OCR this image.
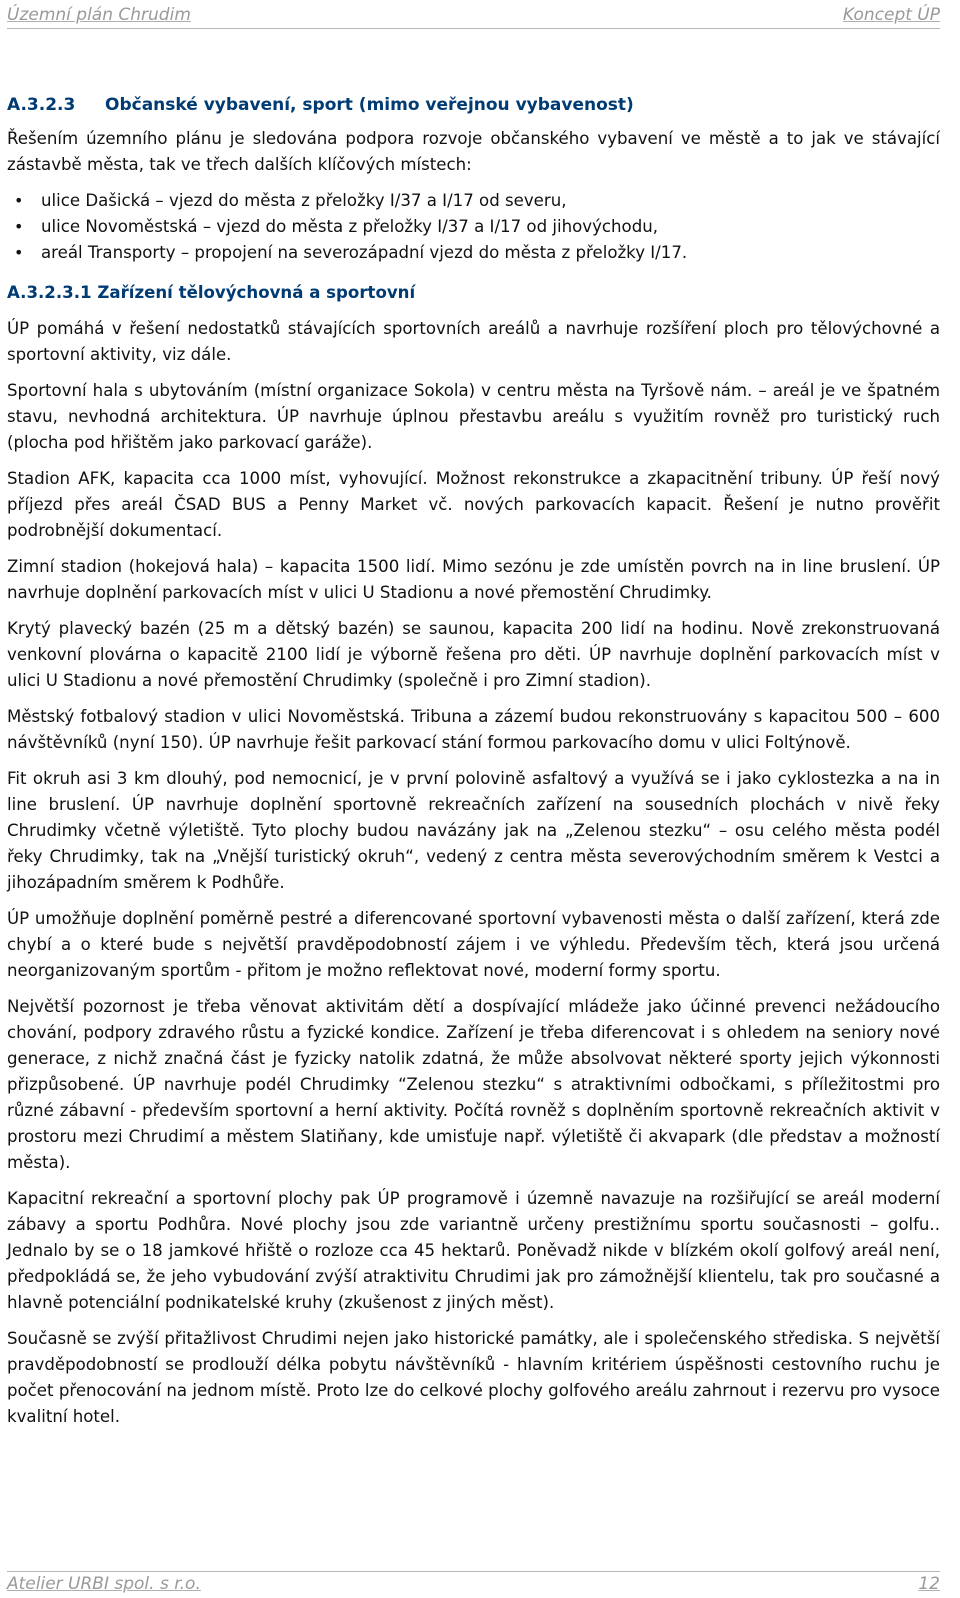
Územní plán Chrudim	Koncept ÚP
A.3.2.3 Občanské vybavení, sport (mimo veřejnou vybavenost)

Řešením územního plánu je sledována podpora rozvoje občanského vybavení ve městě a to jak ve stávající zástavbě města, tak ve třech dalších klíčových místech:

• ulice Dašická – vjezd do města z přeložky I/37 a I/17 od severu,
• ulice Novoměstská – vjezd do města z přeložky I/37 a I/17 od jihovýchodu,
• areál Transporty – propojení na severozápadní vjezd do města z přeložky I/17.
A.3.2.3.1 Zařízení tělovýchovná a sportovní

ÚP pomáhá v řešení nedostatků stávajících sportovních areálů a navrhuje rozšíření ploch pro tělovýchovné a sportovní aktivity, viz dále.

Sportovní hala s ubytováním (místní organizace Sokola) v centru města na Tyršově nám. – areál je ve špatném stavu, nevhodná architektura. ÚP navrhuje úplnou přestavbu areálu s využitím rovněž pro turistický ruch (plocha pod hřištěm jako parkovací garáže).

Stadion AFK, kapacita cca 1000 míst, vyhovující. Možnost rekonstrukce a zkapacitnění tribuny. ÚP řeší nový příjezd přes areál ČSAD BUS a Penny Market vč. nových parkovacích kapacit. Řešení je nutno prověřit podrobnější dokumentací.

Zimní stadion (hokejová hala) – kapacita 1500 lidí. Mimo sezónu je zde umístěn povrch na in line bruslení. ÚP navrhuje doplnění parkovacích míst v ulici U Stadionu a nové přemostění Chrudimky.

Krytý plavecký bazén (25 m a dětský bazén) se saunou, kapacita 200 lidí na hodinu. Nově zrekonstruovaná venkovní plovárna o kapacitě 2100 lidí je výborně řešena pro děti. ÚP navrhuje doplnění parkovacích míst v ulici U Stadionu a nové přemostění Chrudimky (společně i pro Zimní stadion).

Městský fotbalový stadion v ulici Novoměstská. Tribuna a zázemí budou rekonstruovány s kapacitou 500 – 600 návštěvníků (nyní 150). ÚP navrhuje řešit parkovací stání formou parkovacího domu v ulici Foltýnově.

Fit okruh asi 3 km dlouhý, pod nemocnicí, je v první polovině asfaltový a využívá se i jako cyklostezka a na in line bruslení. ÚP navrhuje doplnění sportovně rekreačních zařízení na sousedních plochách v nivě řeky Chrudimky včetně výletiště. Tyto plochy budou navázány jak na „Zelenou stezku“ – osu celého města podél řeky Chrudimky, tak na „Vnější turistický okruh“, vedený z centra města severovýchodním směrem k Vestci a jihozápadním směrem k Podhůře.

ÚP umožňuje doplnění poměrně pestré a diferencované sportovní vybavenosti města o další zařízení, která zde chybí a o které bude s největší pravděpodobností zájem i ve výhledu. Především těch, která jsou určená neorganizovaným sportům - přitom je možno reflektovat nové, moderní formy sportu.

Největší pozornost je třeba věnovat aktivitám dětí a dospívající mládeže jako účinné prevenci nežádoucího chování, podpory zdravého růstu a fyzické kondice. Zařízení je třeba diferencovat i s ohledem na seniory nové generace, z nichž značná část je fyzicky natolik zdatná, že může absolvovat některé sporty jejich výkonnosti přizpůsobené. ÚP navrhuje podél Chrudimky “Zelenou stezku“ s atraktivními odbočkami, s příležitostmi pro různé zábavní - především sportovní a herní aktivity. Počítá rovněž s doplněním sportovně rekreačních aktivit v prostoru mezi Chrudimí a městem Slatiňany, kde umisťuje např. výletiště či akvapark (dle představ a možností města).

Kapacitní rekreační a sportovní plochy pak ÚP programově i územně navazuje na rozšiřující se areál moderní zábavy a sportu Podhůra. Nové plochy jsou zde variantně určeny prestižnímu sportu současnosti – golfu.. Jednalo by se o 18 jamkové hřiště o rozloze cca 45 hektarů. Poněvadž nikde v blízkém okolí golfový areál není, předpokládá se, že jeho vybudování zvýší atraktivitu Chrudimi jak pro zámožnější klientelu, tak pro současné a hlavně potenciální podnikatelské kruhy (zkušenost z jiných měst).

Současně se zvýší přitažlivost Chrudimi nejen jako historické památky, ale i společenského střediska. S největší pravděpodobností se prodlouží délka pobytu návštěvníků - hlavním kritériem úspěšnosti cestovního ruchu je počet přenocování na jednom místě. Proto lze do celkové plochy golfového areálu zahrnout i rezervu pro vysoce kvalitní hotel.

Atelier URBI spol. s r.o.	12
